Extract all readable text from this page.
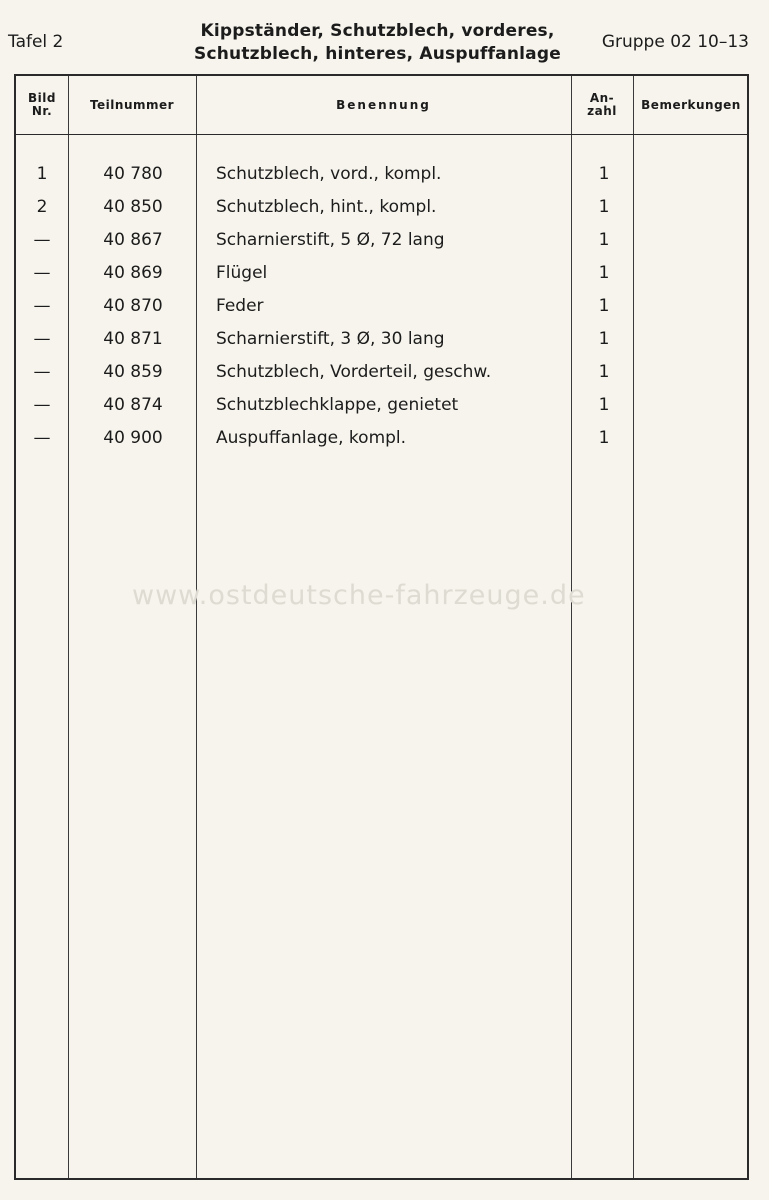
Tafel 2
Kippständer, Schutzblech, vorderes,
Schutzblech, hinteres, Auspuffanlage
Gruppe 02 10–13
Bild
Nr.	Teilnummer	Benennung	An-
zahl	Bemerkungen
1	40 780	Schutzblech, vord., kompl.	1
2	40 850	Schutzblech, hint., kompl.	1
—	40 867	Scharnierstift, 5 Ø, 72 lang	1
—	40 869	Flügel	1
—	40 870	Feder	1
—	40 871	Scharnierstift, 3 Ø, 30 lang	1
—	40 859	Schutzblech, Vorderteil, geschw.	1
—	40 874	Schutzblechklappe, genietet	1
—	40 900	Auspuffanlage, kompl.	1
www.ostdeutsche-fahrzeuge.de
